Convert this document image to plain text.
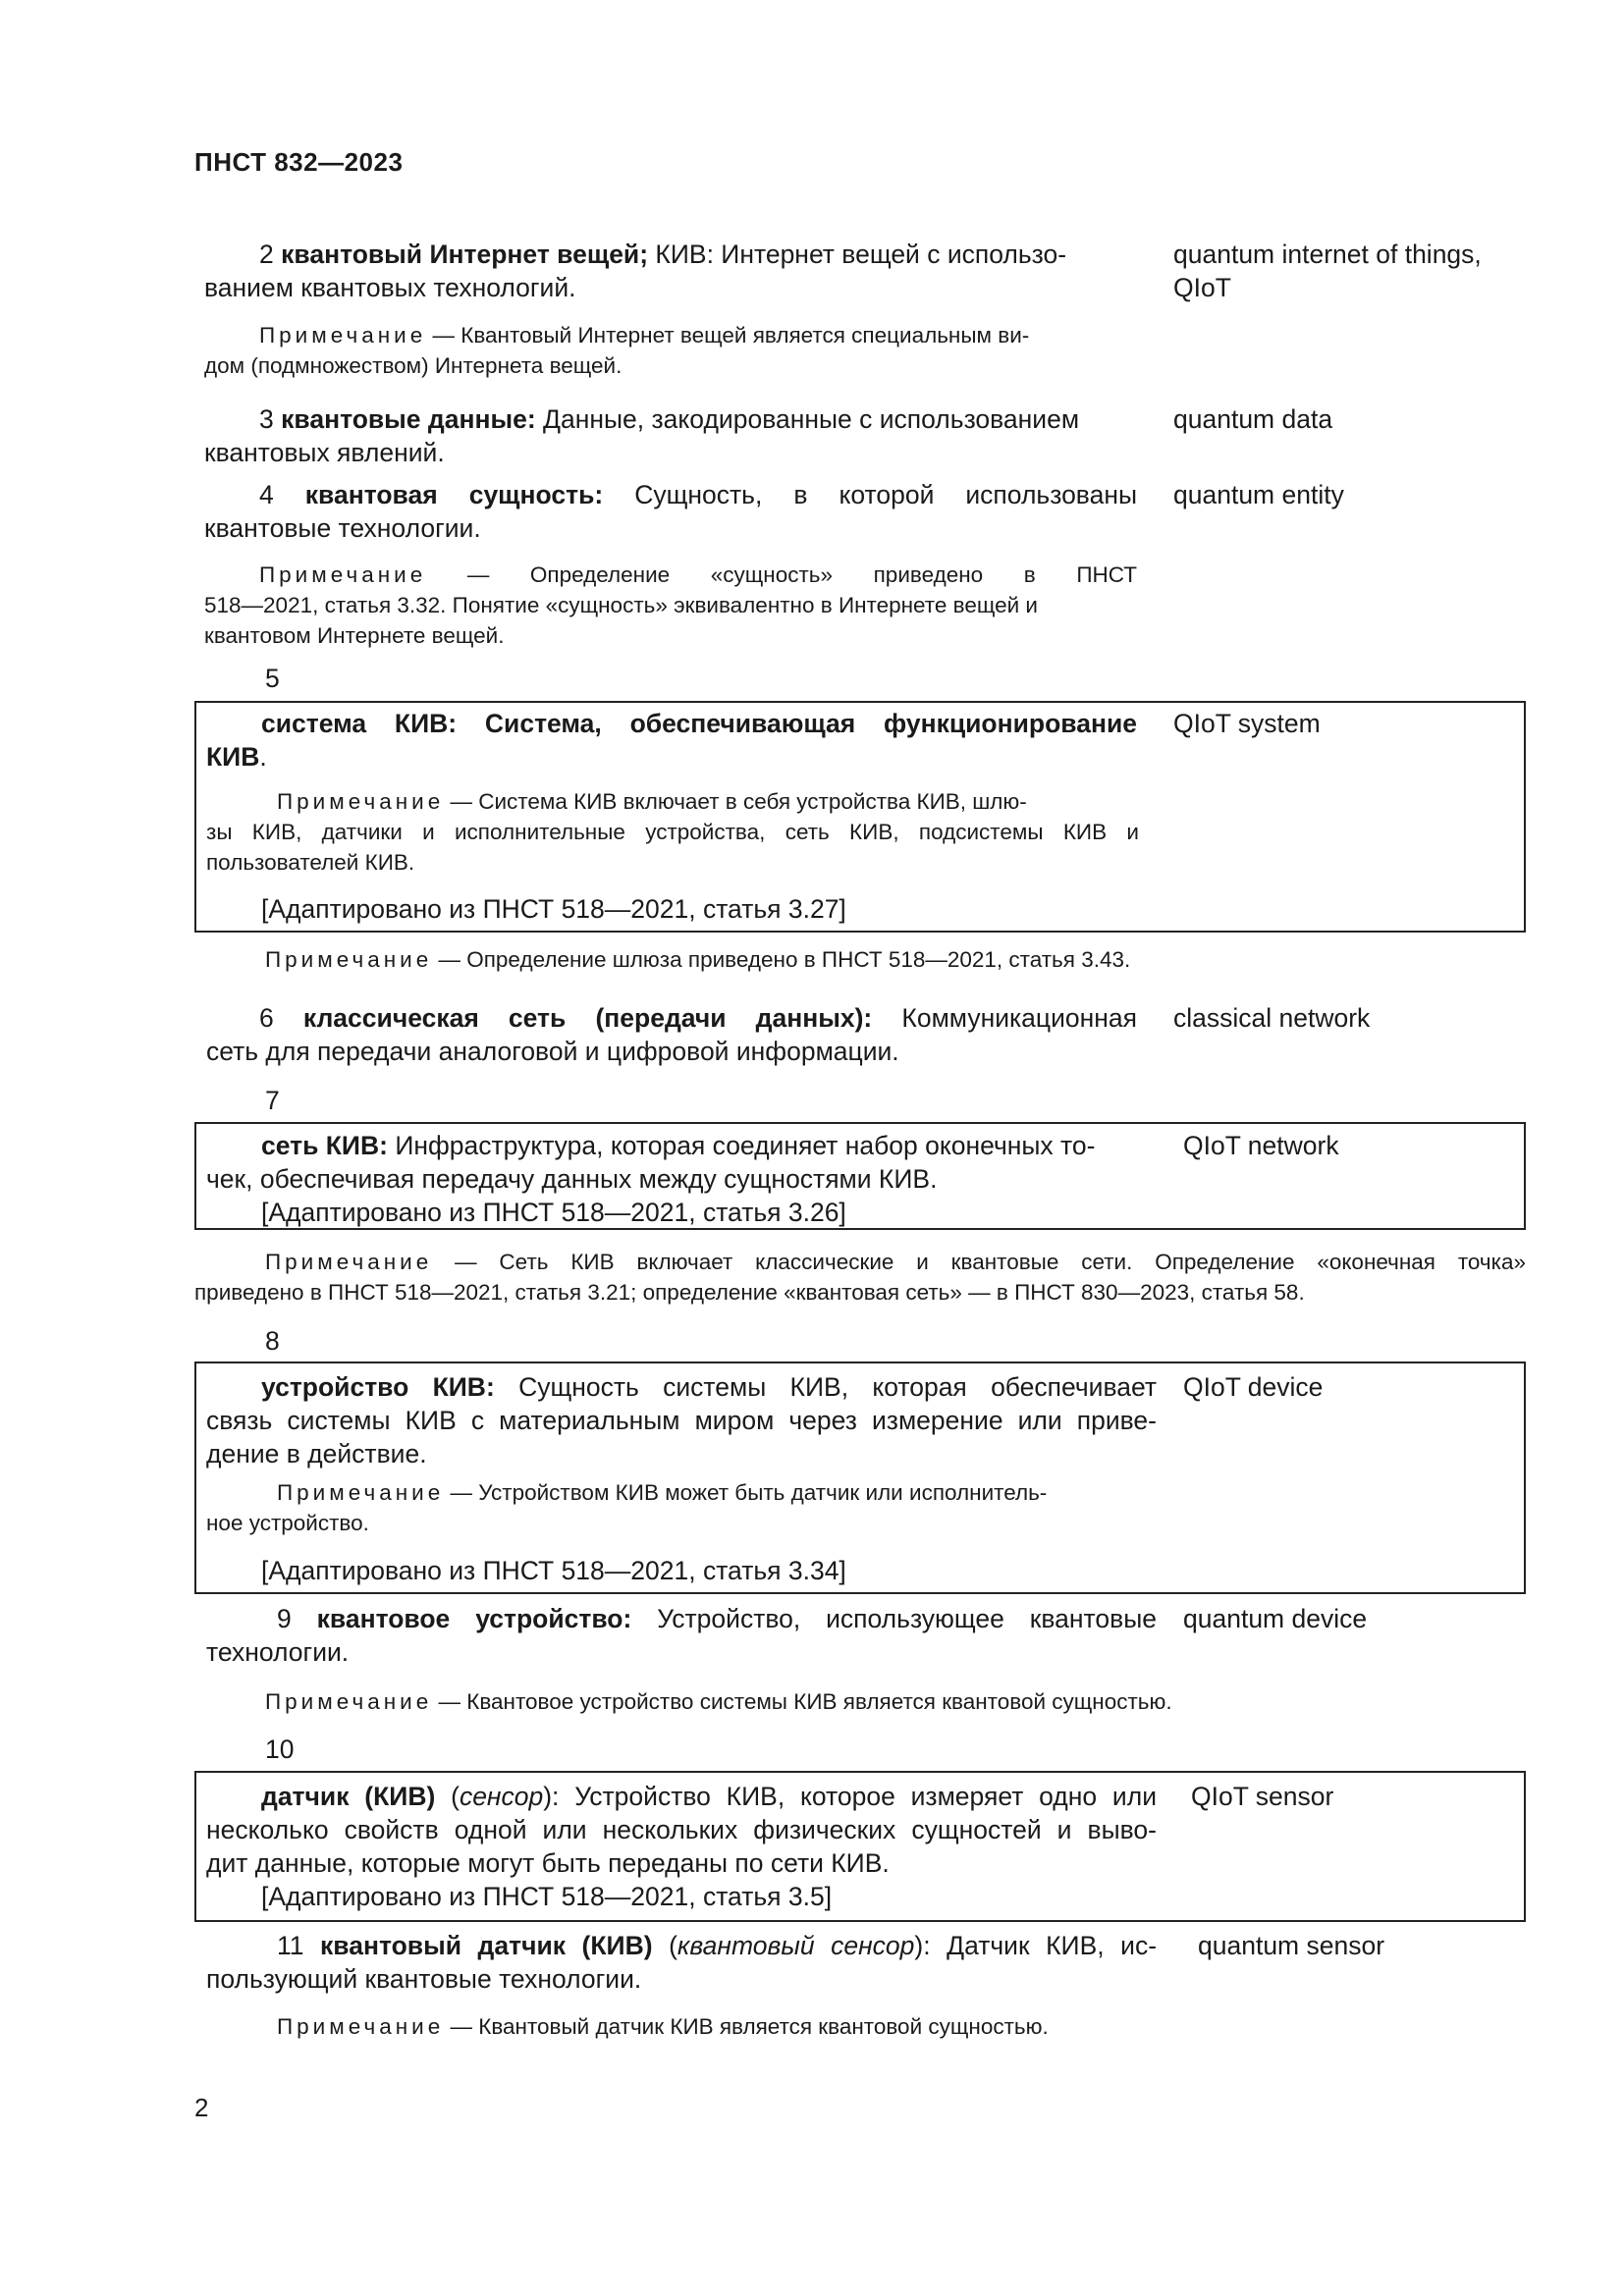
ПНСТ 832—2023
2 квантовый Интернет вещей; КИВ: Интернет вещей с использо-
ванием квантовых технологий.
quantum internet of things,
QIoT
Примечание — Квантовый Интернет вещей является специальным ви-
дом (подмножеством) Интернета вещей.
3 квантовые данные: Данные, закодированные с использованием
квантовых явлений.
quantum data
4 квантовая сущность: Сущность, в которой использованы
квантовые технологии.
quantum entity
Примечание — Определение «сущность» приведено в ПНСТ
518—2021, статья 3.32. Понятие «сущность» эквивалентно в Интернете вещей и
квантовом Интернете вещей.
5
система КИВ: Система, обеспечивающая функционирование
КИВ.
QIoT system
Примечание — Система КИВ включает в себя устройства КИВ, шлю-
зы КИВ, датчики и исполнительные устройства, сеть КИВ, подсистемы КИВ и
пользователей КИВ.
[Адаптировано из ПНСТ 518—2021, статья 3.27]
Примечание — Определение шлюза приведено в ПНСТ 518—2021, статья 3.43.
6 классическая сеть (передачи данных): Коммуникационная
сеть для передачи аналоговой и цифровой информации.
classical network
7
сеть КИВ: Инфраструктура, которая соединяет набор оконечных то-
чек, обеспечивая передачу данных между сущностями КИВ.
[Адаптировано из ПНСТ 518—2021, статья 3.26]
QIoT network
Примечание — Сеть КИВ включает классические и квантовые сети. Определение «оконечная точка»
приведено в ПНСТ 518—2021, статья 3.21; определение «квантовая сеть» — в ПНСТ 830—2023, статья 58.
8
устройство КИВ: Сущность системы КИВ, которая обеспечивает
связь системы КИВ с материальным миром через измерение или приве-
дение в действие.
QIoT device
Примечание — Устройством КИВ может быть датчик или исполнитель-
ное устройство.
[Адаптировано из ПНСТ 518—2021, статья 3.34]
9 квантовое устройство: Устройство, использующее квантовые
технологии.
quantum device
Примечание — Квантовое устройство системы КИВ является квантовой сущностью.
10
датчик (КИВ) (сенсор): Устройство КИВ, которое измеряет одно или
несколько свойств одной или нескольких физических сущностей и выво-
дит данные, которые могут быть переданы по сети КИВ.
[Адаптировано из ПНСТ 518—2021, статья 3.5]
QIoT sensor
11 квантовый датчик (КИВ) (квантовый сенсор): Датчик КИВ, ис-
пользующий квантовые технологии.
quantum sensor
Примечание — Квантовый датчик КИВ является квантовой сущностью.
2
